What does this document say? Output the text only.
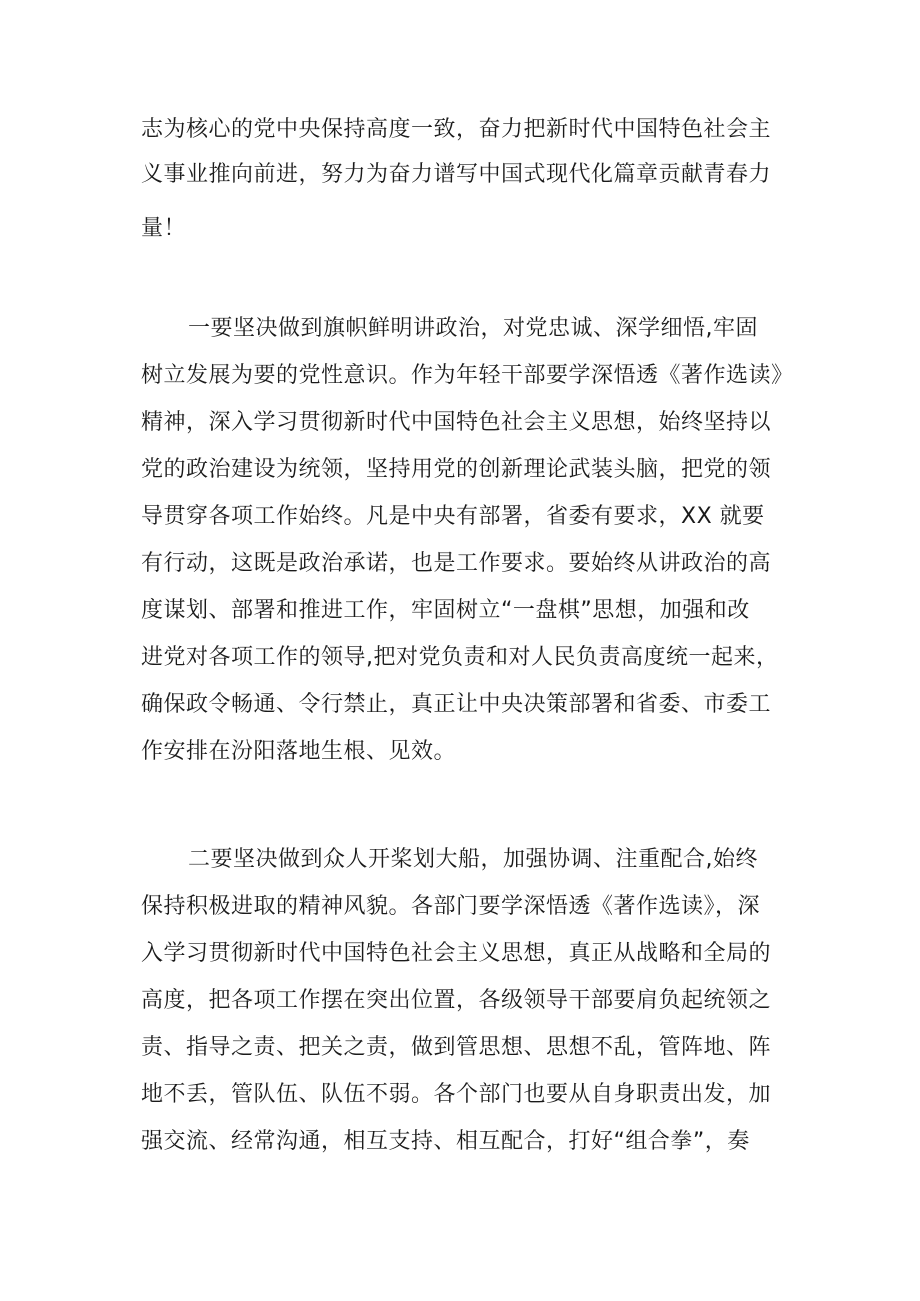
志为核心的党中央保持高度一致，奋力把新时代中国特色社会主
义事业推向前进，努力为奋力谱写中国式现代化篇章贡献青春力
量！
一要坚决做到旗帜鲜明讲政治，对党忠诚、深学细悟,牢固
树立发展为要的党性意识。作为年轻干部要学深悟透《著作选读》
精神，深入学习贯彻新时代中国特色社会主义思想，始终坚持以
党的政治建设为统领，坚持用党的创新理论武装头脑，把党的领
导贯穿各项工作始终。凡是中央有部署，省委有要求，XX 就要
有行动，这既是政治承诺，也是工作要求。要始终从讲政治的高
度谋划、部署和推进工作，牢固树立“一盘棋”思想，加强和改
进党对各项工作的领导,把对党负责和对人民负责高度统一起来，
确保政令畅通、令行禁止，真正让中央决策部署和省委、市委工
作安排在汾阳落地生根、见效。
二要坚决做到众人开桨划大船，加强协调、注重配合,始终
保持积极进取的精神风貌。各部门要学深悟透《著作选读》，深
入学习贯彻新时代中国特色社会主义思想，真正从战略和全局的
高度，把各项工作摆在突出位置，各级领导干部要肩负起统领之
责、指导之责、把关之责，做到管思想、思想不乱，管阵地、阵
地不丢，管队伍、队伍不弱。各个部门也要从自身职责出发，加
强交流、经常沟通，相互支持、相互配合，打好“组合拳”，奏
